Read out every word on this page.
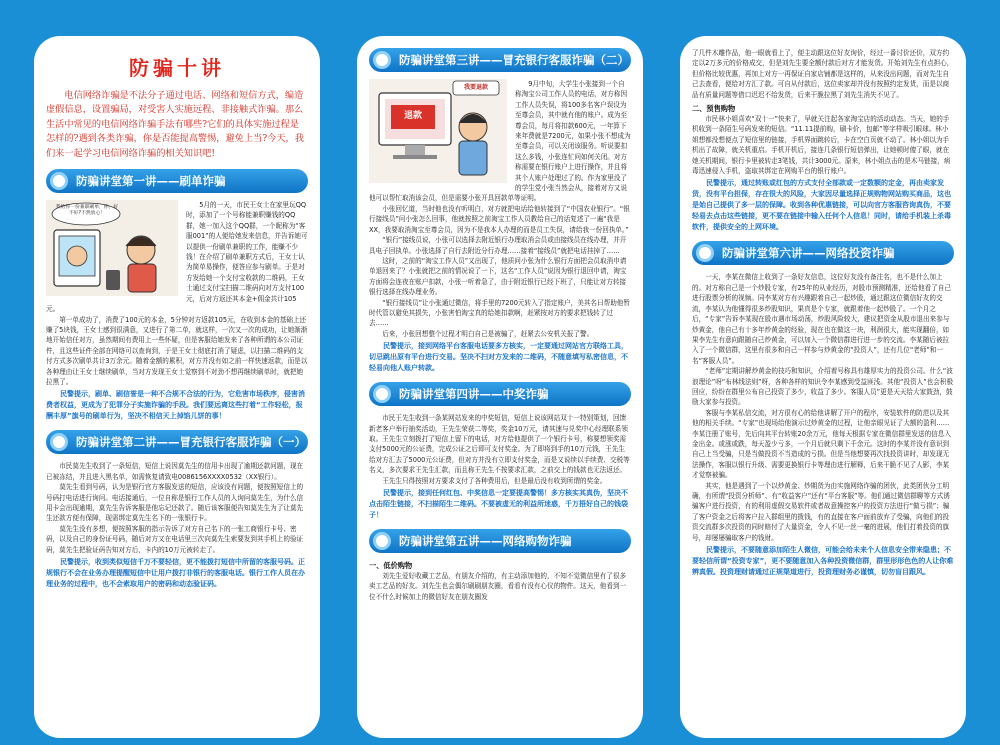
防骗十讲

电信网络诈骗是不法分子通过电话、网络和短信方式，编造虚假信息，设置骗局，对受害人实施远程、非接触式诈骗。那么生活中常见的电信网络诈骗手法有哪些?它们的具体实施过程是怎样的?遇到各类诈骗，你是否能提高警惕，避免上当?今天，我们来一起学习电信网络诈骗的相关知识吧!

防骗讲堂第一讲——刷单诈骗
我给你一份兼职刷单，你，好不好?不然放心！

5月的一天，市民王女士在家里玩QQ时，添加了一个号称能兼职赚钱的QQ群，她一加入这个QQ群，一个昵称为“客服001”的人便给她发来信息，并告诉她可以提供一份刷单兼职的工作，能赚不少钱！在介绍了刷单兼职方式后，王女士认为简单易操作，便答应参与刷单。于是对方发给她一个支付宝收款的二维码，王女士通过支付宝扫描二维码向对方支付100元，后对方返还其本金+佣金共计105元。

第一单成功了，消费了100元的本金，5分钟对方返款105元，在收到本金的基础上还赚了5块钱，王女士感到很满意，又进行了第二单，就这样，一次又一次的成功，让她渐渐地开始信任对方，虽然期间有费用上一些怀疑，但是客服给她发来了各种所谓的本公司证件，且这些证件全部在网络可以查询到，于是王女士彻底打消了疑虑，以扫描二维码的支付方式多次刷单共计3万余元。随着金额的累积，对方并没有如之前一样快速返款，而是以各种理由让王女士继续刷单，当对方发现王女士觉察到不对劲不想再继续刷单时，就把她拉黑了。

民警提示，刷单、刷信誉是一种不合规不合法的行为，它危害市场秩序，侵害消费者权益，更成为了犯罪分子实施诈骗的手段。我们要远离这些打着“工作轻松，报酬丰厚”旗号的刷单行为，坚决不相信天上掉馅儿饼的事！

防骗讲堂第二讲——冒充银行客服诈骗（一）

市民莫先生收到了一条短信，短信上说因莫先生的信用卡出现了逾期还款问题，现在已被冻结，并且进入黑名单，如需恢复请致电0086156XXXX0532（XX银行）。

莫先生看到号码，认为是银行官方客服发送的短信，应该没有问题，便按照短信上的号码打电话进行询问。电话接通后，一位自称是银行工作人员的人询问莫先生，为什么信用卡会出现逾期，莫先生告诉客服是他忘记还款了。随后该客服便告知莫先生为了让莫先生还款方便有保障，现需绑定莫先生名下的一张银行卡。

莫先生没有多想，便按照客服的指示告诉了对方自己名下的一张工商银行卡号、密码，以及自己的身份证号码，随后对方又在电话里三次向莫先生索要发到其手机上的验证码，莫先生把验证码告知对方后，卡内的10万元被转走了。

民警提示，收到类似短信千万不要轻信，更不能拨打短信中所留的客服号码。正规银行不会在业务办理提醒短信中让用户拨打非银行的客服电话。银行工作人员在办理业务的过程中，也不会索取用户的密码和动态验证码。

防骗讲堂第三讲——冒充银行客服诈骗（二）
我要退款
退款

9月中旬，大学生小张接到一个自称淘宝公司工作人员的电话，对方称因工作人员失误，将100多名客户误设为至尊会员，其中就有他的账户。成为至尊会员，每月将扣款600元，一年算下来年费就是7200元，如果小张不想成为至尊会员，可以关闭该服务。听说要扣这么多钱，小张连忙问如何关闭。对方称需要在银行账户上进行操作，并且将其个人账户处理过了的。作为家里没了的学生党小张当然会从，接着对方又说他可以帮忙取消该会员，但是需要小张开具回款单等证明。

小张回忆道，当时他也没有听明白，对方就把电话给他转接到了“中国农业银行”。“银行接线员”问小张怎么回事，他就按照之前淘宝工作人员教给自己的话复述了一遍“我是XX，我要取消淘宝至尊会员，因为不是我本人办理的而是员工失误，请给我一份回执单。”

“银行”接线员说，小张可以选择去附近银行办理取消会员或由接线员在线办理，并开具电子回执单。小张选择了自行去附近分行办理……接着“接线员”就把电话挂掉了……

这时，之前的“淘宝工作人员”又出现了，他质问小张为什么银行方面把会员取消申请单退回来了？小张就把之前的情况说了一下，这名“工作人员”说因为银行退回申请，淘宝方面将会连夜在账户扣款，小张一听着急了，由于附近银行已经下班了，只能让对方转接银行选择在线办理业务。

“银行接线员”让小张通过微信，将手里的7200元转入了指定账户，美其名曰帮助他暂时代管以避免其损失，小张害怕淘宝真的给她扣款啊，赶紧按对方的要求把钱转了过去……

后来，小张回想整个过程才明白自己是被骗了，赶紧去公安机关报了警。

民警提示，接到网络平台客服电话要多方核实，一定要通过网站官方联络工具，切忌跳出原有平台进行交易。坚决不扫对方发来的二维码，不随意填写私密信息，不轻易向他人账户转款。

防骗讲堂第四讲——中奖诈骗

市民王先生收到一条某网站发来的中奖短信，短信上说该网站双十一特别策划，回馈新老客户举行抽奖活动，王先生荣获二等奖，奖金10万元，请其速与兑奖中心经理联系领取。王先生立刻拨打了短信上留下的电话，对方给他提供了一个银行卡号，称要想领奖需支付5000元的公证费，完成公证之后即可支付奖金。为了即将到手的10万元钱，王先生给对方汇去了5000元公证费，但对方并没有立即支付奖金，而是又说续以手续费、交税等名义，多次要求王先生汇款，而且称王先生不按要求汇款，之前交上的钱款也无法返还。

王先生只得按照对方要求支付了各种费用后，但是最后没有收到所谓的奖金。

民警提示，接到任何红包、中奖信息一定要提高警惕！多方核实其真伪，坚决不点击陌生链接，不扫描陌生二维码。不要被虚无的利益所迷惑，千万捂好自己的钱袋子！

防骗讲堂第五讲——网络购物诈骗

一、低价购物

刘先生爱好收藏工艺品，有朋友介绍的，有主动添加他的，不知不觉微信里有了很多卖工艺品的好友。刘先生也会偶尔刷刷朋友圈，看看有没有心仪的物件。这天，他看到一位不什么时候加上的微信好友在朋友圈发

了几件木雕作品，他一眼就看上了，便主动跟这位好友询价，经过一番讨价还价，双方约定以2万多元的价格成交，但是刘先生要全额付款后对方才能发货。开始刘先生有点担心，但价格比较优惠，再加上对方一再保证自家店铺都是这样的，从来没出问题，而对先生自己去查看，便给对方汇了款。可自从付款后，这位卖家却并没有按照约定发货，而是以商品有质量问题等借口迟迟不给发货，后来干脆拉黑了刘先生消失不见了。

二、预售购物

市民林小姐喜欢“双十一”快来了，早就关注起各家淘宝店的活动动态。当天，她的手机收到一条陌生号码发来的短信。“11.11提前购，刷卡价，包邮”等字样吸引眼球。林小姐想都没想便点了短信里的链接，手机界面跳转后，卡在空白页就不动了。林小姐以为手机出了故障，就关机重启。手机开机后，接连几条银行短信弹出，让她顿时傻了眼，就在她关机期间，银行卡里被转走3笔钱，共计3000元。原来，林小姐点击的是木马链接，病毒迅速侵入手机，盗取其绑定在网购平台的银行账户。

民警提示，通过转账或红包的方式支付全部款或一定数额的定金，再由卖家发货，没有平台担保，存在很大的风险，大家因尽量选择正规购物网站购买商品，这也是始自己提供了多一层的保障。收到各种优惠链接，可以向官方客服咨询真伪，不要轻易去点击这些链接，更不要在链接中输入任何个人信息！同时，请给手机装上杀毒软件，提供安全的上网环境。

防骗讲堂第六讲——网络投资诈骗

一天，李某在微信上收到了一条好友信息，这位好友没有备注名，也不是什么加上的。对方称自己是一个炒股专家，有25年的从业经历，对股市预测精准，还给他看了自己进行股票分析的视频。同李某对方有兴趣跟着自己一起炒股，通过跟这位微信好友的交流，李某认为他懂得很多炒股知识，果真是个专家，就跟着他一起炒股了。一个月之后，“专家”告诉李某现在股市遇市场动荡，炒股风险较大，建议把资金从股市退出来参与炒黄金，他自己有十多年炒黄金的经验，现在也在做这一块，利润很大，能实现翻倍，如果李先生有意向跟随自己炒黄金，可以加入一个微信群进行进一步的交流。李某随后被拉入了一个微信群，这里有很多和自己一样参与炒黄金的“投资人”，还有几位“老师”和一名“客服人员”。

“老师”定期讲解炒黄金的技巧和知识，介绍着号称具有雄厚实力的投资公司。什么“波浪理论”呀“布林线法则”呀，各种各样的知识令李某感到受益匪浅。其他“投资人”也会积极回应，纷纷在群里公布自己投资了多少，收益了多少。客服人员”更是天天给大家鼓劲，鼓励大家参与投资。

客服与李某私信交流，对方很有心的给他讲解了开户的程序，安装软件的防范以及其他的相关手续。“专家”也现场给他演示过炒黄金的过程，让他亲眼见证了大额的盈利……李某注册了账号，先后向其平台转账20余万元，他每天根据专家在微信群里发送的信息入金出金。或涨或跌，每天盈少亏多，一个月后就只剩下千余元。这时的李某并没有意识到自己上当受骗，只是当做投资不当造成的亏损。但是当他想要再次找投资讲时，却发现无法操作，客服以银行升级、需要更换银行卡等理由进行解释，后来干脆不见了人影，李某才觉察被骗。

其实，他是遇到了一个以炒黄金、炒期货为由实施网络诈骗的团伙，此类团伙分工明确，有所谓“投资分析师”、有“收益客户”还有“平台客服”等。他们通过微信群聊等方式诱骗客户进行投资，有的利用虚假交易软件或者故意操控客户的投资方法进行“做亏损”；骗了客户资金之后将客户拉入群组里的拨钱，有的直接在客户面前放弃了受骗，向他们的投资交流群多次投资的同时赔付了大量资金，令人不见一丝一毫的进展，他们打着投资的旗号，却屡屡骗取客户的钱财。

民警提示，不要随意添加陌生人微信，可能会给未来个人信息安全带来隐患；不要轻信所谓“投资专家”，更不要随意加入各种投资微信群，群里形形色色的人让你难辨真假。投资理财请通过正规渠道进行，投资理财务必谨慎，切勿盲目跟风。
